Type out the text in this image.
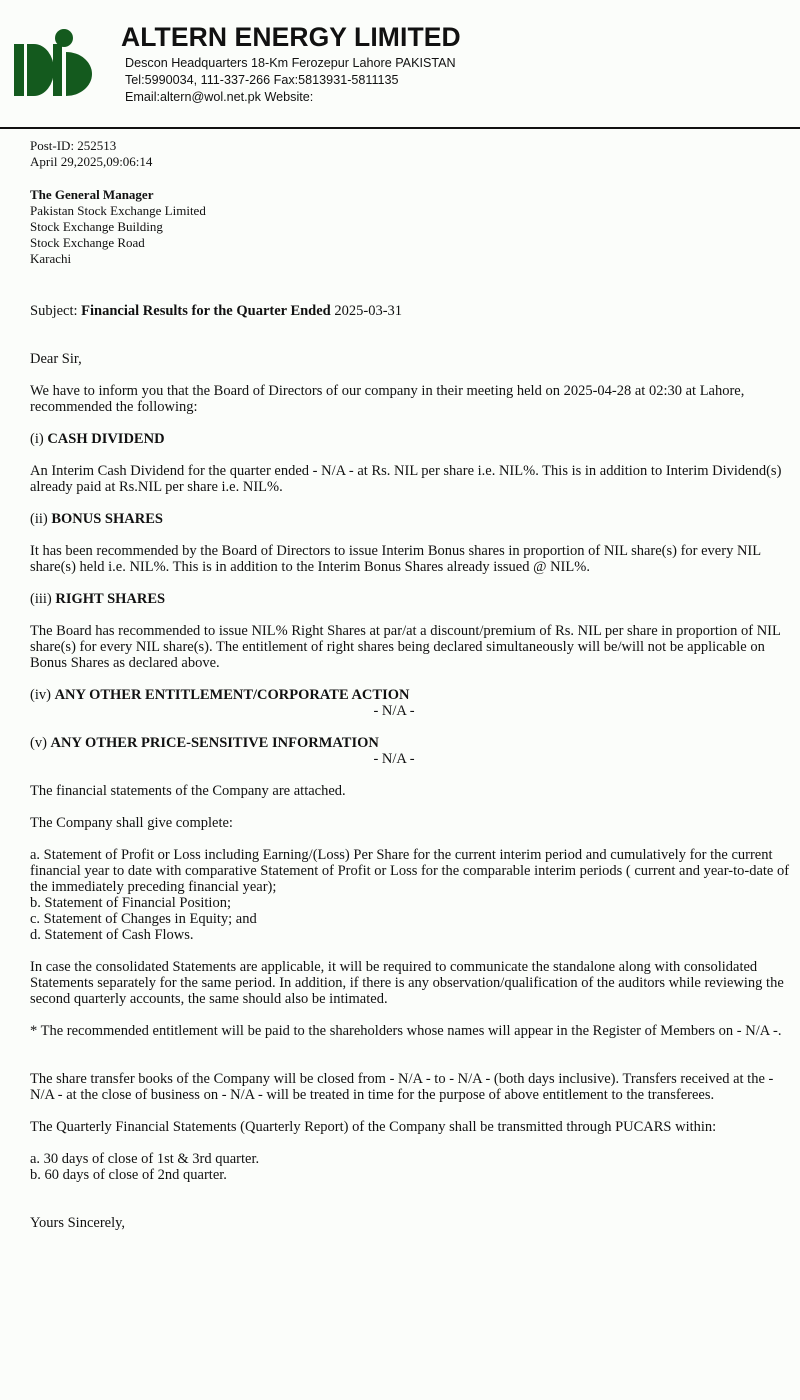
ALTERN ENERGY LIMITED
Descon Headquarters 18-Km Ferozepur Lahore PAKISTAN
Tel:5990034, 111-337-266 Fax:5813931-5811135
Email:altern@wol.net.pk Website:
Post-ID: 252513
April 29,2025,09:06:14
The General Manager
Pakistan Stock Exchange Limited
Stock Exchange Building
Stock Exchange Road
Karachi
Subject: Financial Results for the Quarter Ended 2025-03-31
Dear Sir,
We have to inform you that the Board of Directors of our company in their meeting held on 2025-04-28 at 02:30 at Lahore, recommended the following:
(i) CASH DIVIDEND
An Interim Cash Dividend for the quarter ended - N/A - at Rs. NIL per share i.e. NIL%. This is in addition to Interim Dividend(s) already paid at Rs.NIL per share i.e. NIL%.
(ii) BONUS SHARES
It has been recommended by the Board of Directors to issue Interim Bonus shares in proportion of NIL share(s) for every NIL share(s) held i.e. NIL%. This is in addition to the Interim Bonus Shares already issued @ NIL%.
(iii) RIGHT SHARES
The Board has recommended to issue NIL% Right Shares at par/at a discount/premium of Rs. NIL per share in proportion of NIL share(s) for every NIL share(s). The entitlement of right shares being declared simultaneously will be/will not be applicable on Bonus Shares as declared above.
(iv) ANY OTHER ENTITLEMENT/CORPORATE ACTION
- N/A -
(v) ANY OTHER PRICE-SENSITIVE INFORMATION
- N/A -
The financial statements of the Company are attached.
The Company shall give complete:
a. Statement of Profit or Loss including Earning/(Loss) Per Share for the current interim period and cumulatively for the current financial year to date with comparative Statement of Profit or Loss for the comparable interim periods ( current and year-to-date of the immediately preceding financial year);
b. Statement of Financial Position;
c. Statement of Changes in Equity; and
d. Statement of Cash Flows.
In case the consolidated Statements are applicable, it will be required to communicate the standalone along with consolidated Statements separately for the same period. In addition, if there is any observation/qualification of the auditors while reviewing the second quarterly accounts, the same should also be intimated.
* The recommended entitlement will be paid to the shareholders whose names will appear in the Register of Members on - N/A -.
The share transfer books of the Company will be closed from - N/A - to - N/A - (both days inclusive). Transfers received at the - N/A - at the close of business on - N/A - will be treated in time for the purpose of above entitlement to the transferees.
The Quarterly Financial Statements (Quarterly Report) of the Company shall be transmitted through PUCARS within:
a. 30 days of close of 1st & 3rd quarter.
b. 60 days of close of 2nd quarter.
Yours Sincerely,
